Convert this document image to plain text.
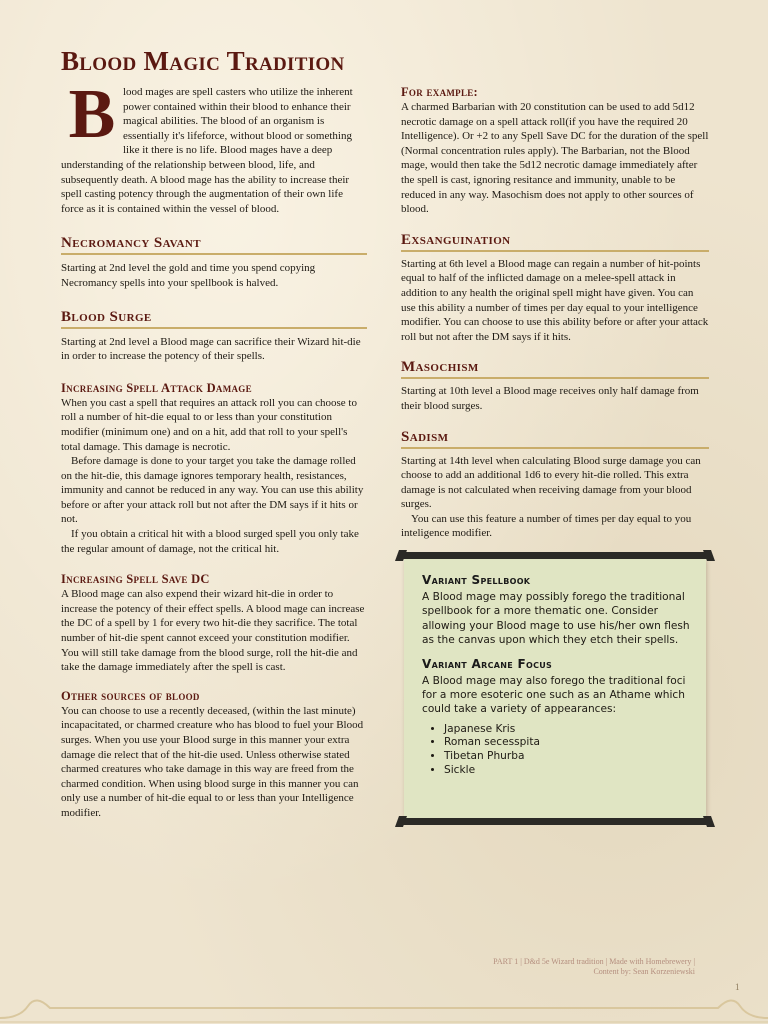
Blood Magic Tradition
B lood mages are spell casters who utilize the inherent power contained within their blood to enhance their magical abilities. The blood of an organism is essentially it's lifeforce, without blood or something like it there is no life. Blood mages have a deep understanding of the relationship between blood, life, and subsequently death. A blood mage has the ability to increase their spell casting potency through the augmentation of their own life force as it is contained within the vessel of blood.

Necromancy Savant

Starting at 2nd level the gold and time you spend copying Necromancy spells into your spellbook is halved.

Blood Surge

Starting at 2nd level a Blood mage can sacrifice their Wizard hit-die in order to increase the potency of their spells.

Increasing Spell Attack Damage

When you cast a spell that requires an attack roll you can choose to roll a number of hit-die equal to or less than your constitution modifier (minimum one) and on a hit, add that roll to your spell's total damage. This damage is necrotic.

Before damage is done to your target you take the damage rolled on the hit-die, this damage ignores temporary health, resistances, immunity and cannot be reduced in any way. You can use this ability before or after your attack roll but not after the DM says if it hits or not.

If you obtain a critical hit with a blood surged spell you only take the regular amount of damage, not the critical hit.

Increasing Spell Save DC

A Blood mage can also expend their wizard hit-die in order to increase the potency of their effect spells. A blood mage can increase the DC of a spell by 1 for every two hit-die they sacrifice. The total number of hit-die spent cannot exceed your constitution modifier. You will still take damage from the blood surge, roll the hit-die and take the damage immediately after the spell is cast.

Other sources of blood

You can choose to use a recently deceased, (within the last minute) incapacitated, or charmed creature who has blood to fuel your Blood surges. When you use your Blood surge in this manner your extra damage die relect that of the hit-die used. Unless otherwise stated charmed creatures who take damage in this way are freed from the charmed condition. When using blood surge in this manner you can only use a number of hit-die equal to or less than your Intelligence modifier.

For example:

A charmed Barbarian with 20 constitution can be used to add 5d12 necrotic damage on a spell attack roll(if you have the required 20 Intelligence). Or +2 to any Spell Save DC for the duration of the spell (Normal concentration rules apply). The Barbarian, not the Blood mage, would then take the 5d12 necrotic damage immediately after the spell is cast, ignoring resitance and immunity, unable to be reduced in any way. Masochism does not apply to other sources of blood.

Exsanguination

Starting at 6th level a Blood mage can regain a number of hit-points equal to half of the inflicted damage on a melee-spell attack in addition to any health the original spell might have given. You can use this ability a number of times per day equal to your intelligence modifier. You can choose to use this ability before or after your attack roll but not after the DM says if it hits.

Masochism

Starting at 10th level a Blood mage receives only half damage from their blood surges.

Sadism

Starting at 14th level when calculating Blood surge damage you can choose to add an additional 1d6 to every hit-die rolled. This extra damage is not calculated when receiving damage from your blood surges.

You can use this feature a number of times per day equal to you inteligence modifier.

Variant Spellbook

A Blood mage may possibly forego the traditional spellbook for a more thematic one. Consider allowing your Blood mage to use his/her own flesh as the canvas upon which they etch their spells.

Variant Arcane Focus

A Blood mage may also forego the traditional foci for a more esoteric one such as an Athame which could take a variety of appearances:

• Japanese Kris
• Roman secesspita
• Tibetan Phurba
• Sickle
PART 1 | D&d 5e Wizard tradition | Made with Homebrewery | Content by: Sean Korzeniewski
1
